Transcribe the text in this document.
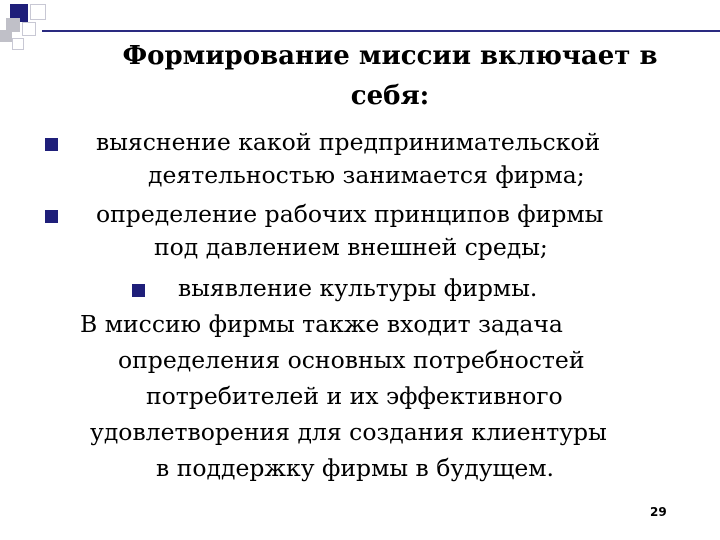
Формирование миссии включает в
себя:
выяснение какой предпринимательской
деятельностью занимается фирма;
определение рабочих принципов фирмы
под давлением внешней среды;
выявление культуры фирмы.
В миссию фирмы также входит задача
определения основных потребностей
потребителей и их эффективного
удовлетворения для создания клиентуры
в поддержку фирмы в будущем.
29
